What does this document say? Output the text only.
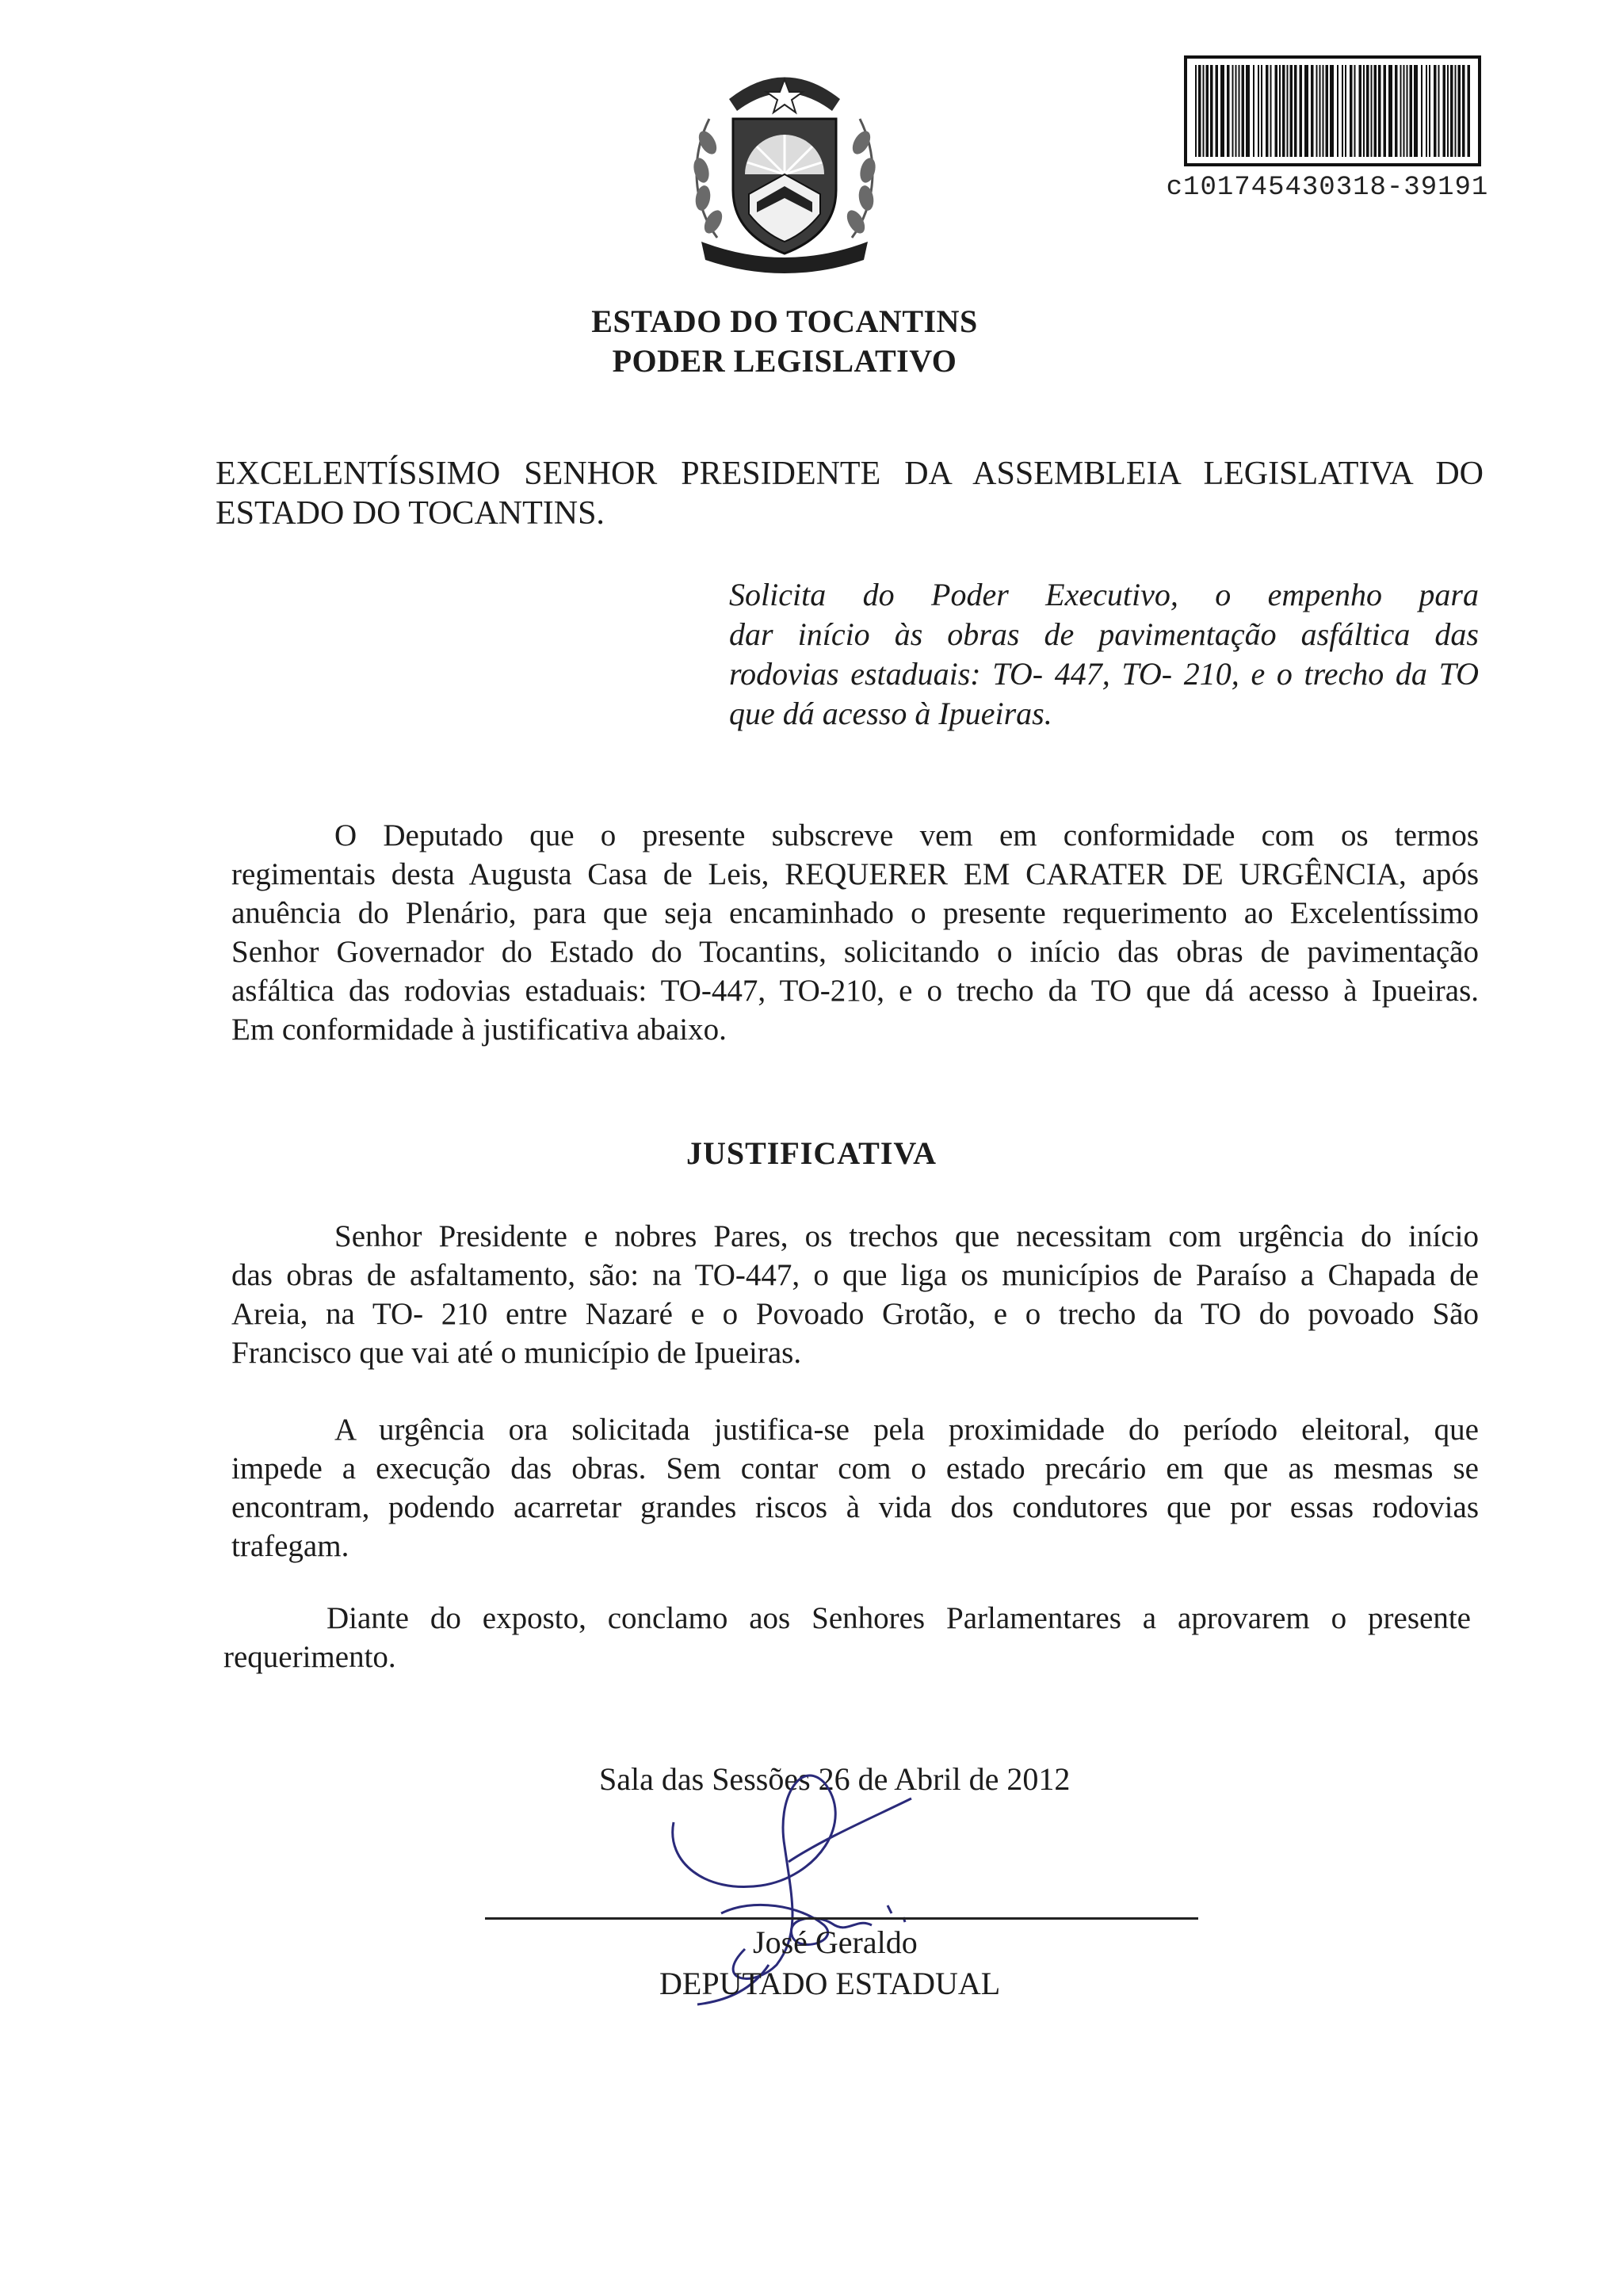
c101745430318-39191
ESTADO DO TOCANTINS
PODER LEGISLATIVO
EXCELENTÍSSIMO SENHOR PRESIDENTE DA ASSEMBLEIA LEGISLATIVA DO
ESTADO DO TOCANTINS.
Solicita do Poder Executivo, o empenho para
dar início às obras de pavimentação asfáltica das
rodovias estaduais: TO- 447, TO- 210, e o trecho da TO
que dá acesso à Ipueiras.
O Deputado que o presente subscreve vem em conformidade com os termos
regimentais desta Augusta Casa de Leis, REQUERER EM CARATER DE URGÊNCIA, após
anuência do Plenário, para que seja encaminhado o presente requerimento ao Excelentíssimo
Senhor Governador do Estado do Tocantins, solicitando o início das obras de pavimentação
asfáltica das rodovias estaduais: TO-447, TO-210, e o trecho da TO que dá acesso à Ipueiras.
Em conformidade à justificativa abaixo.
JUSTIFICATIVA
Senhor Presidente e nobres Pares, os trechos que necessitam com urgência do início
das obras de asfaltamento, são: na TO-447, o que liga os municípios de Paraíso a Chapada de
Areia, na TO- 210 entre Nazaré e o Povoado Grotão, e o trecho da TO do povoado São
Francisco que vai até o município de Ipueiras.
A urgência ora solicitada justifica-se pela proximidade do período eleitoral, que
impede a execução das obras. Sem contar com o estado precário em que as mesmas se
encontram, podendo acarretar grandes riscos à vida dos condutores que por essas rodovias
trafegam.
Diante do exposto, conclamo aos Senhores Parlamentares a aprovarem o presente
requerimento.
Sala das Sessões 26 de Abril de 2012
José Geraldo
DEPUTADO ESTADUAL
